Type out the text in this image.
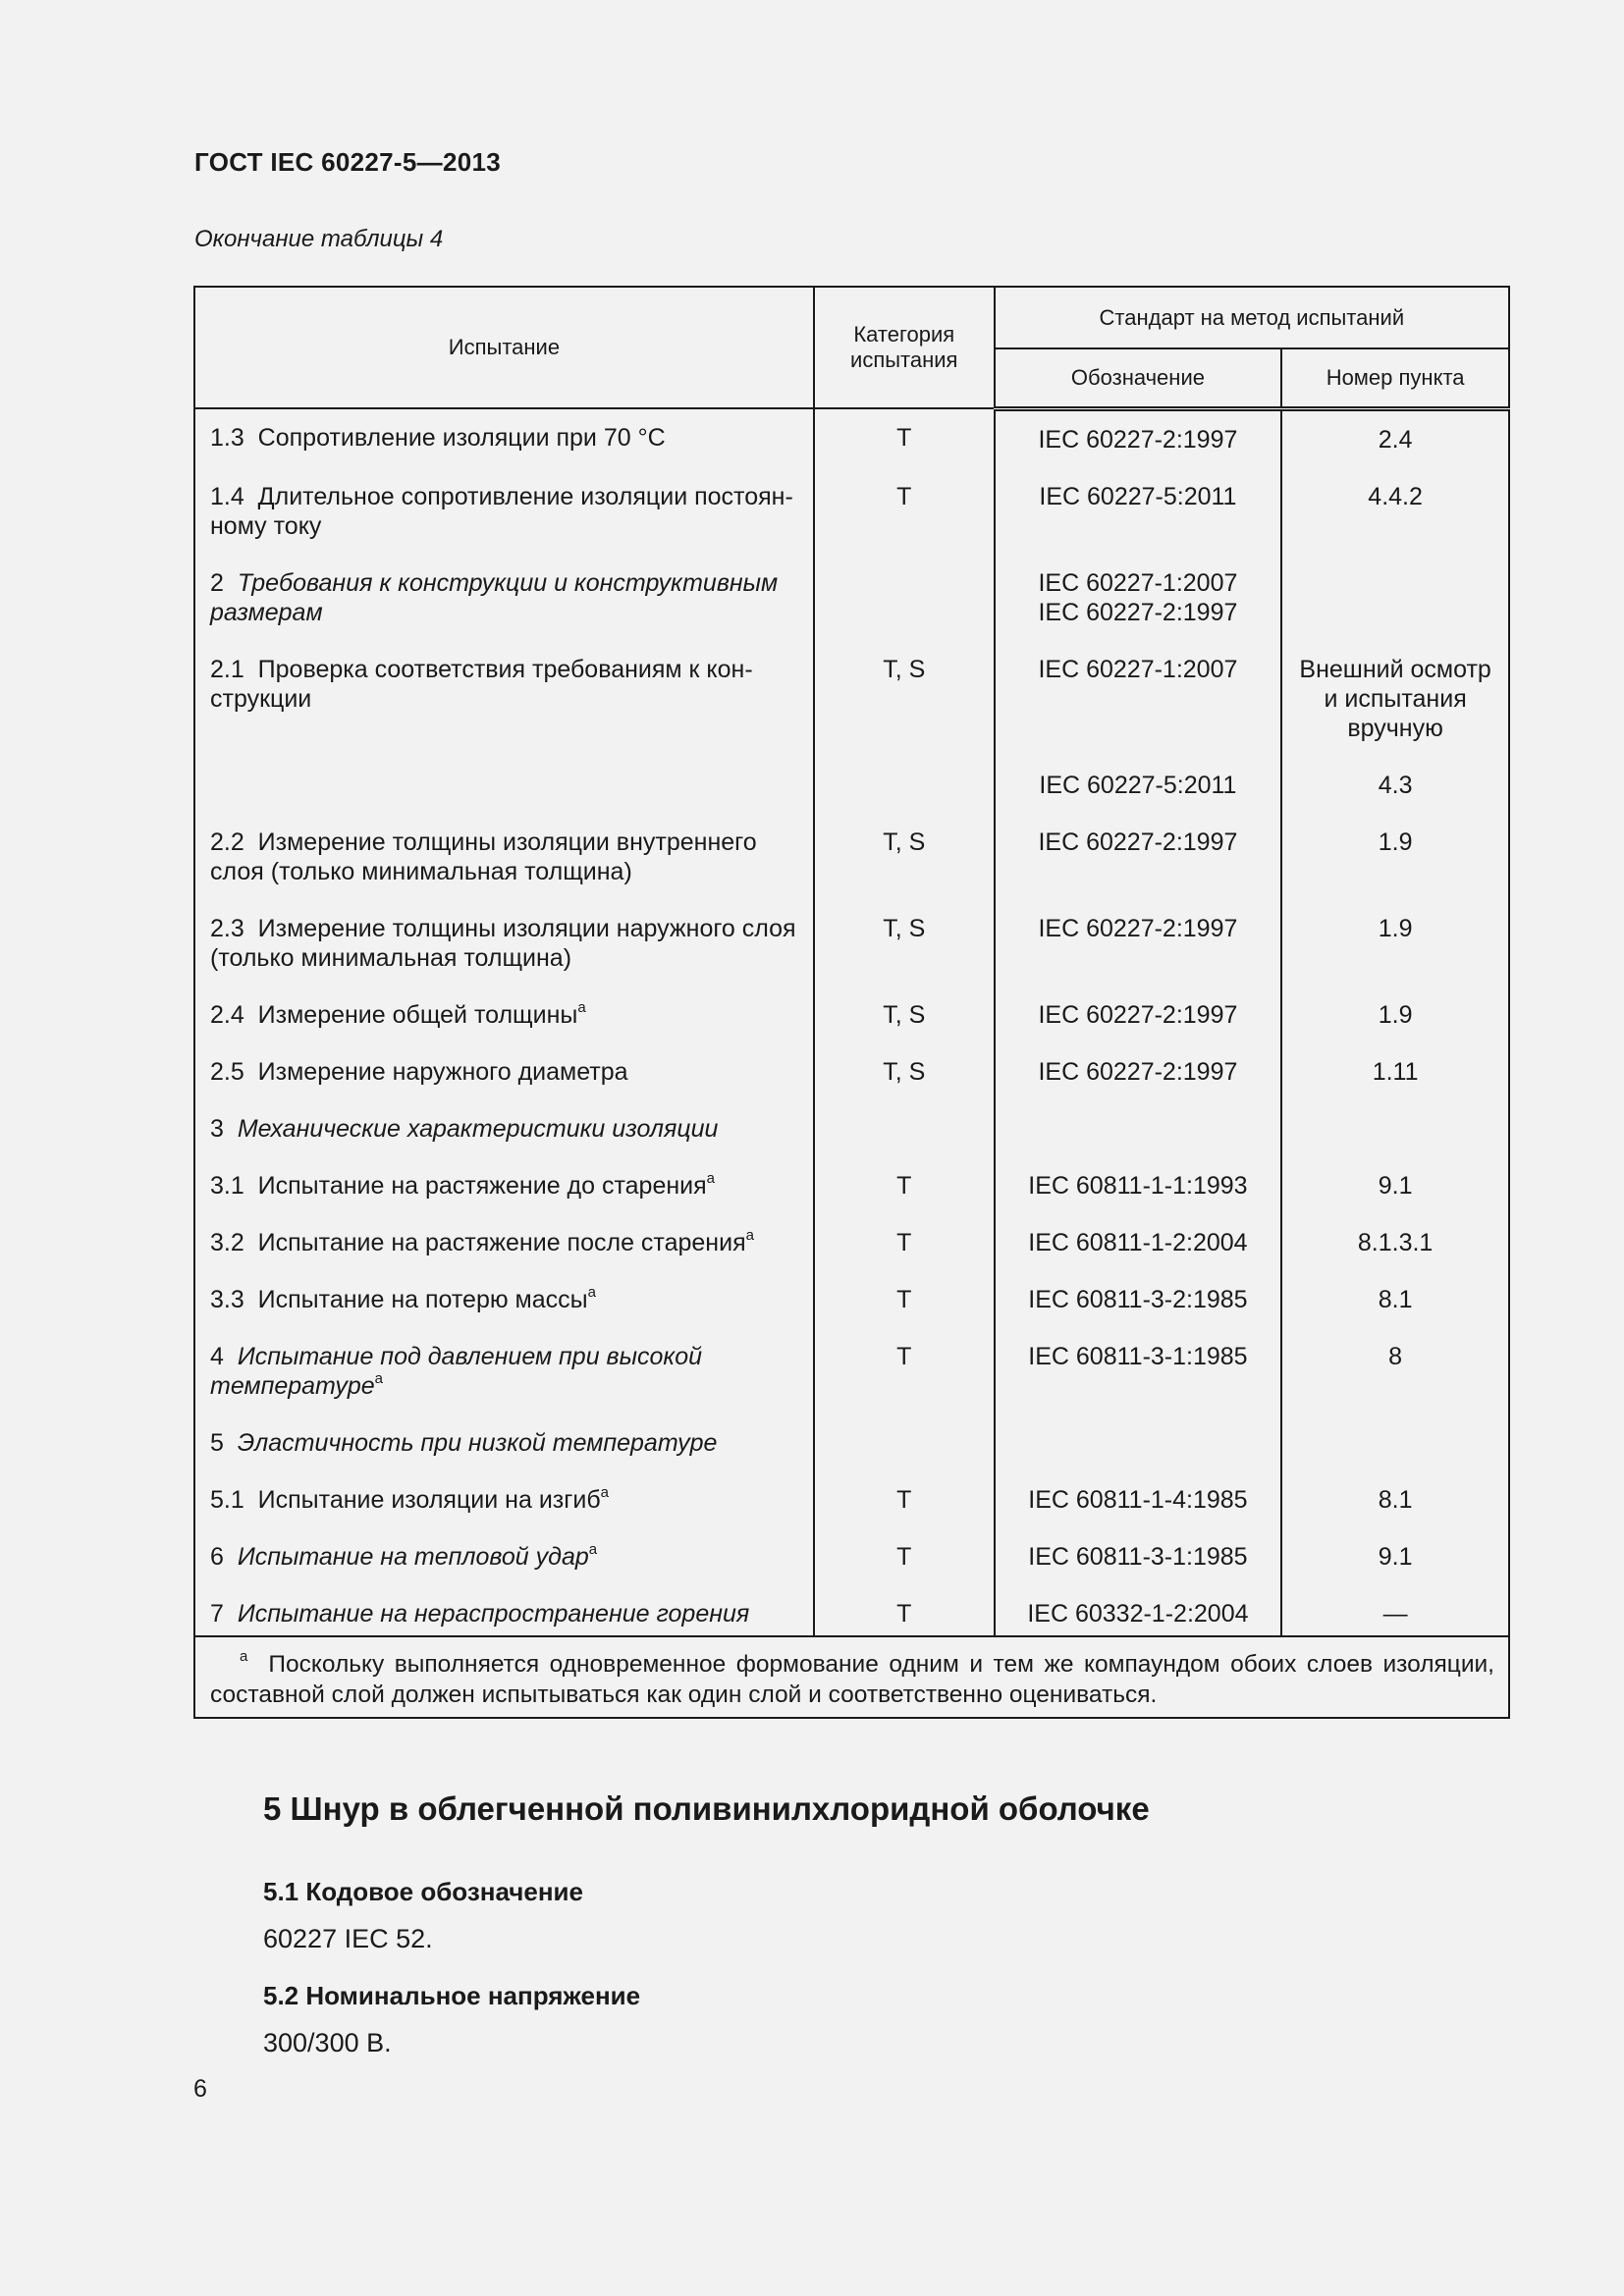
ГОСТ IEC 60227-5—2013
Окончание таблицы 4
Испытание	Категория испытания	Стандарт на метод испытаний	
		Обозначение	Номер пункта
1.3 Сопротивление изоляции при 70 °С	Т	IEC 60227-2:1997	2.4
1.4 Длительное сопротивление изоляции постоян-ному току	Т	IEC 60227-5:2011	4.4.2
2 Требования к конструкции и конструктивным размерам		IEC 60227-1:2007
IEC 60227-2:1997	

2.1 Проверка соответствия требованиям к кон-струкции	Т, S	IEC 60227-1:2007	Внешний осмотр и испытания вручную
		IEC 60227-5:2011	4.3
2.2 Измерение толщины изоляции внутреннего слоя (только минимальная толщина)	Т, S	IEC 60227-2:1997	1.9
2.3 Измерение толщины изоляции наружного слоя (только минимальная толщина)	Т, S	IEC 60227-2:1997	1.9
2.4 Измерение общей толщины$^a$	Т, S	IEC 60227-2:1997	1.9
2.5 Измерение наружного диаметра	Т, S	IEC 60227-2:1997	1.11
3 Механические характеристики изоляции			
3.1 Испытание на растяжение до старения$^a$	Т	IEC 60811-1-1:1993	9.1
3.2 Испытание на растяжение после старения$^a$	Т	IEC 60811-1-2:2004	8.1.3.1
3.3 Испытание на потерю массы$^a$	Т	IEC 60811-3-2:1985	8.1
4 Испытание под давлением при высокой температуре$^a$	Т	IEC 60811-3-1:1985	8
5 Эластичность при низкой температуре			
5.1 Испытание изоляции на изгиб$^a$	Т	IEC 60811-1-4:1985	8.1
6 Испытание на тепловой удар$^a$	Т	IEC 60811-3-1:1985	9.1
7 Испытание на нераспространение горения	Т	IEC 60332-1-2:2004	—
$^a$ Поскольку выполняется одновременное формование одним и тем же компаундом обоих слоев изоляции, составной слой должен испытываться как один слой и соответственно оцениваться.			
5 Шнур в облегченной поливинилхлоридной оболочке
5.1 Кодовое обозначение
60227 IEC 52.
5.2 Номинальное напряжение
300/300 В.
6
